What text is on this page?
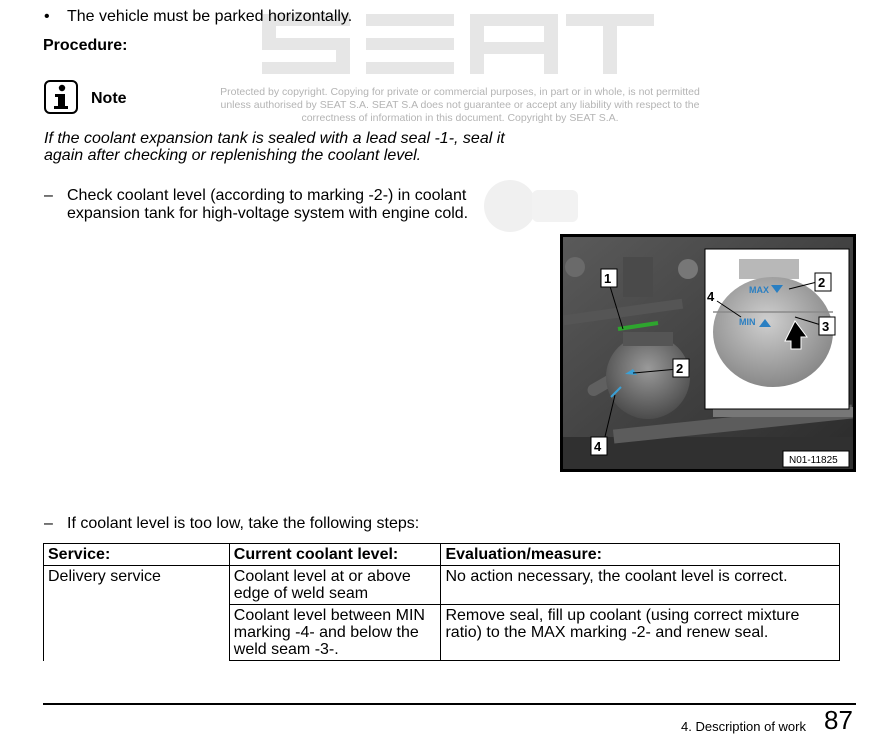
• The vehicle must be parked horizontally.
Procedure:
Note	Protected by copyright. Copying for private or commercial purposes, in part or in whole, is not permitted unless authorised by SEAT S.A. SEAT S.A does not guarantee or accept any liability with respect to the correctness of information in this document. Copyright by SEAT S.A.
If the coolant expansion tank is sealed with a lead seal -1-, seal it again after checking or replenishing the coolant level.
– Check coolant level (according to marking -2-) in coolant expansion tank for high-voltage system with engine cold.
MAX
MIN
1	2
4
2
3
4
N01-11825
– If coolant level is too low, take the following steps:
Service:	Current coolant level:	Evaluation/measure:
Delivery service	Coolant level at or above edge of weld seam	No action necessary, the coolant level is correct.
	Coolant level between MIN marking -4- and below the weld seam -3-.	Remove seal, fill up coolant (using correct mixture ratio) to the MAX marking -2- and renew seal.
4. Description of work 87
